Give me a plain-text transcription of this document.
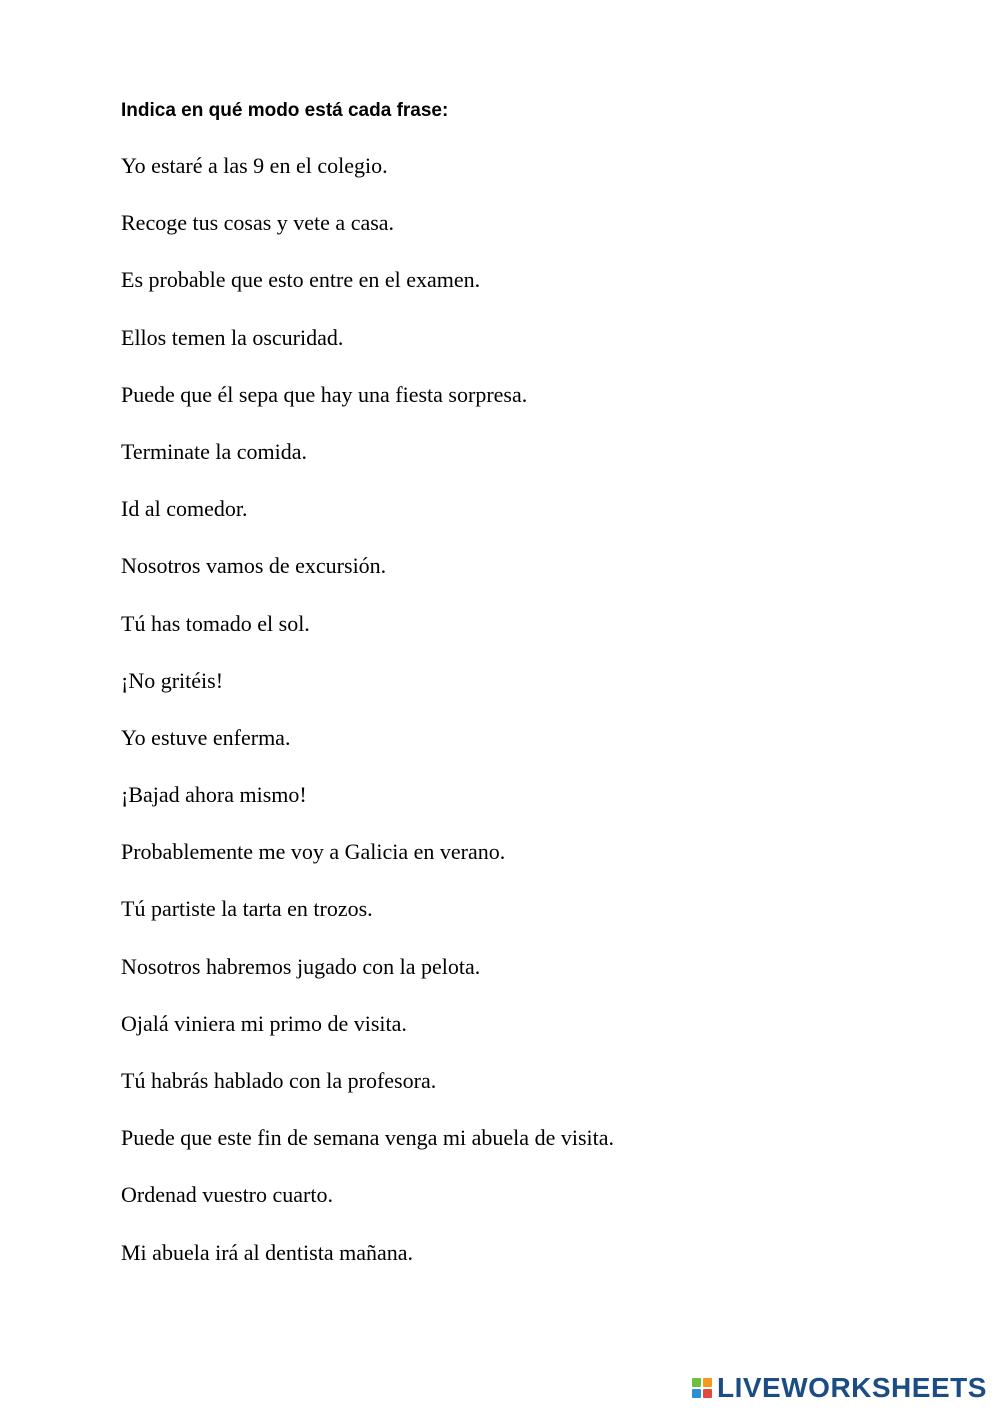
Indica en qué modo está cada frase:
Yo estaré a las 9 en el colegio.
Recoge tus cosas y vete a casa.
Es probable que esto entre en el examen.
Ellos temen la oscuridad.
Puede que él sepa que hay una fiesta sorpresa.
Terminate la comida.
Id al comedor.
Nosotros vamos de excursión.
Tú has tomado el sol.
¡No gritéis!
Yo estuve enferma.
¡Bajad ahora mismo!
Probablemente me voy a Galicia en verano.
Tú partiste la tarta en trozos.
Nosotros habremos jugado con la pelota.
Ojalá viniera mi primo de visita.
Tú habrás hablado con la profesora.
Puede que este fin de semana venga mi abuela de visita.
Ordenad vuestro cuarto.
Mi abuela irá al dentista mañana.
LIVEWORKSHEETS
